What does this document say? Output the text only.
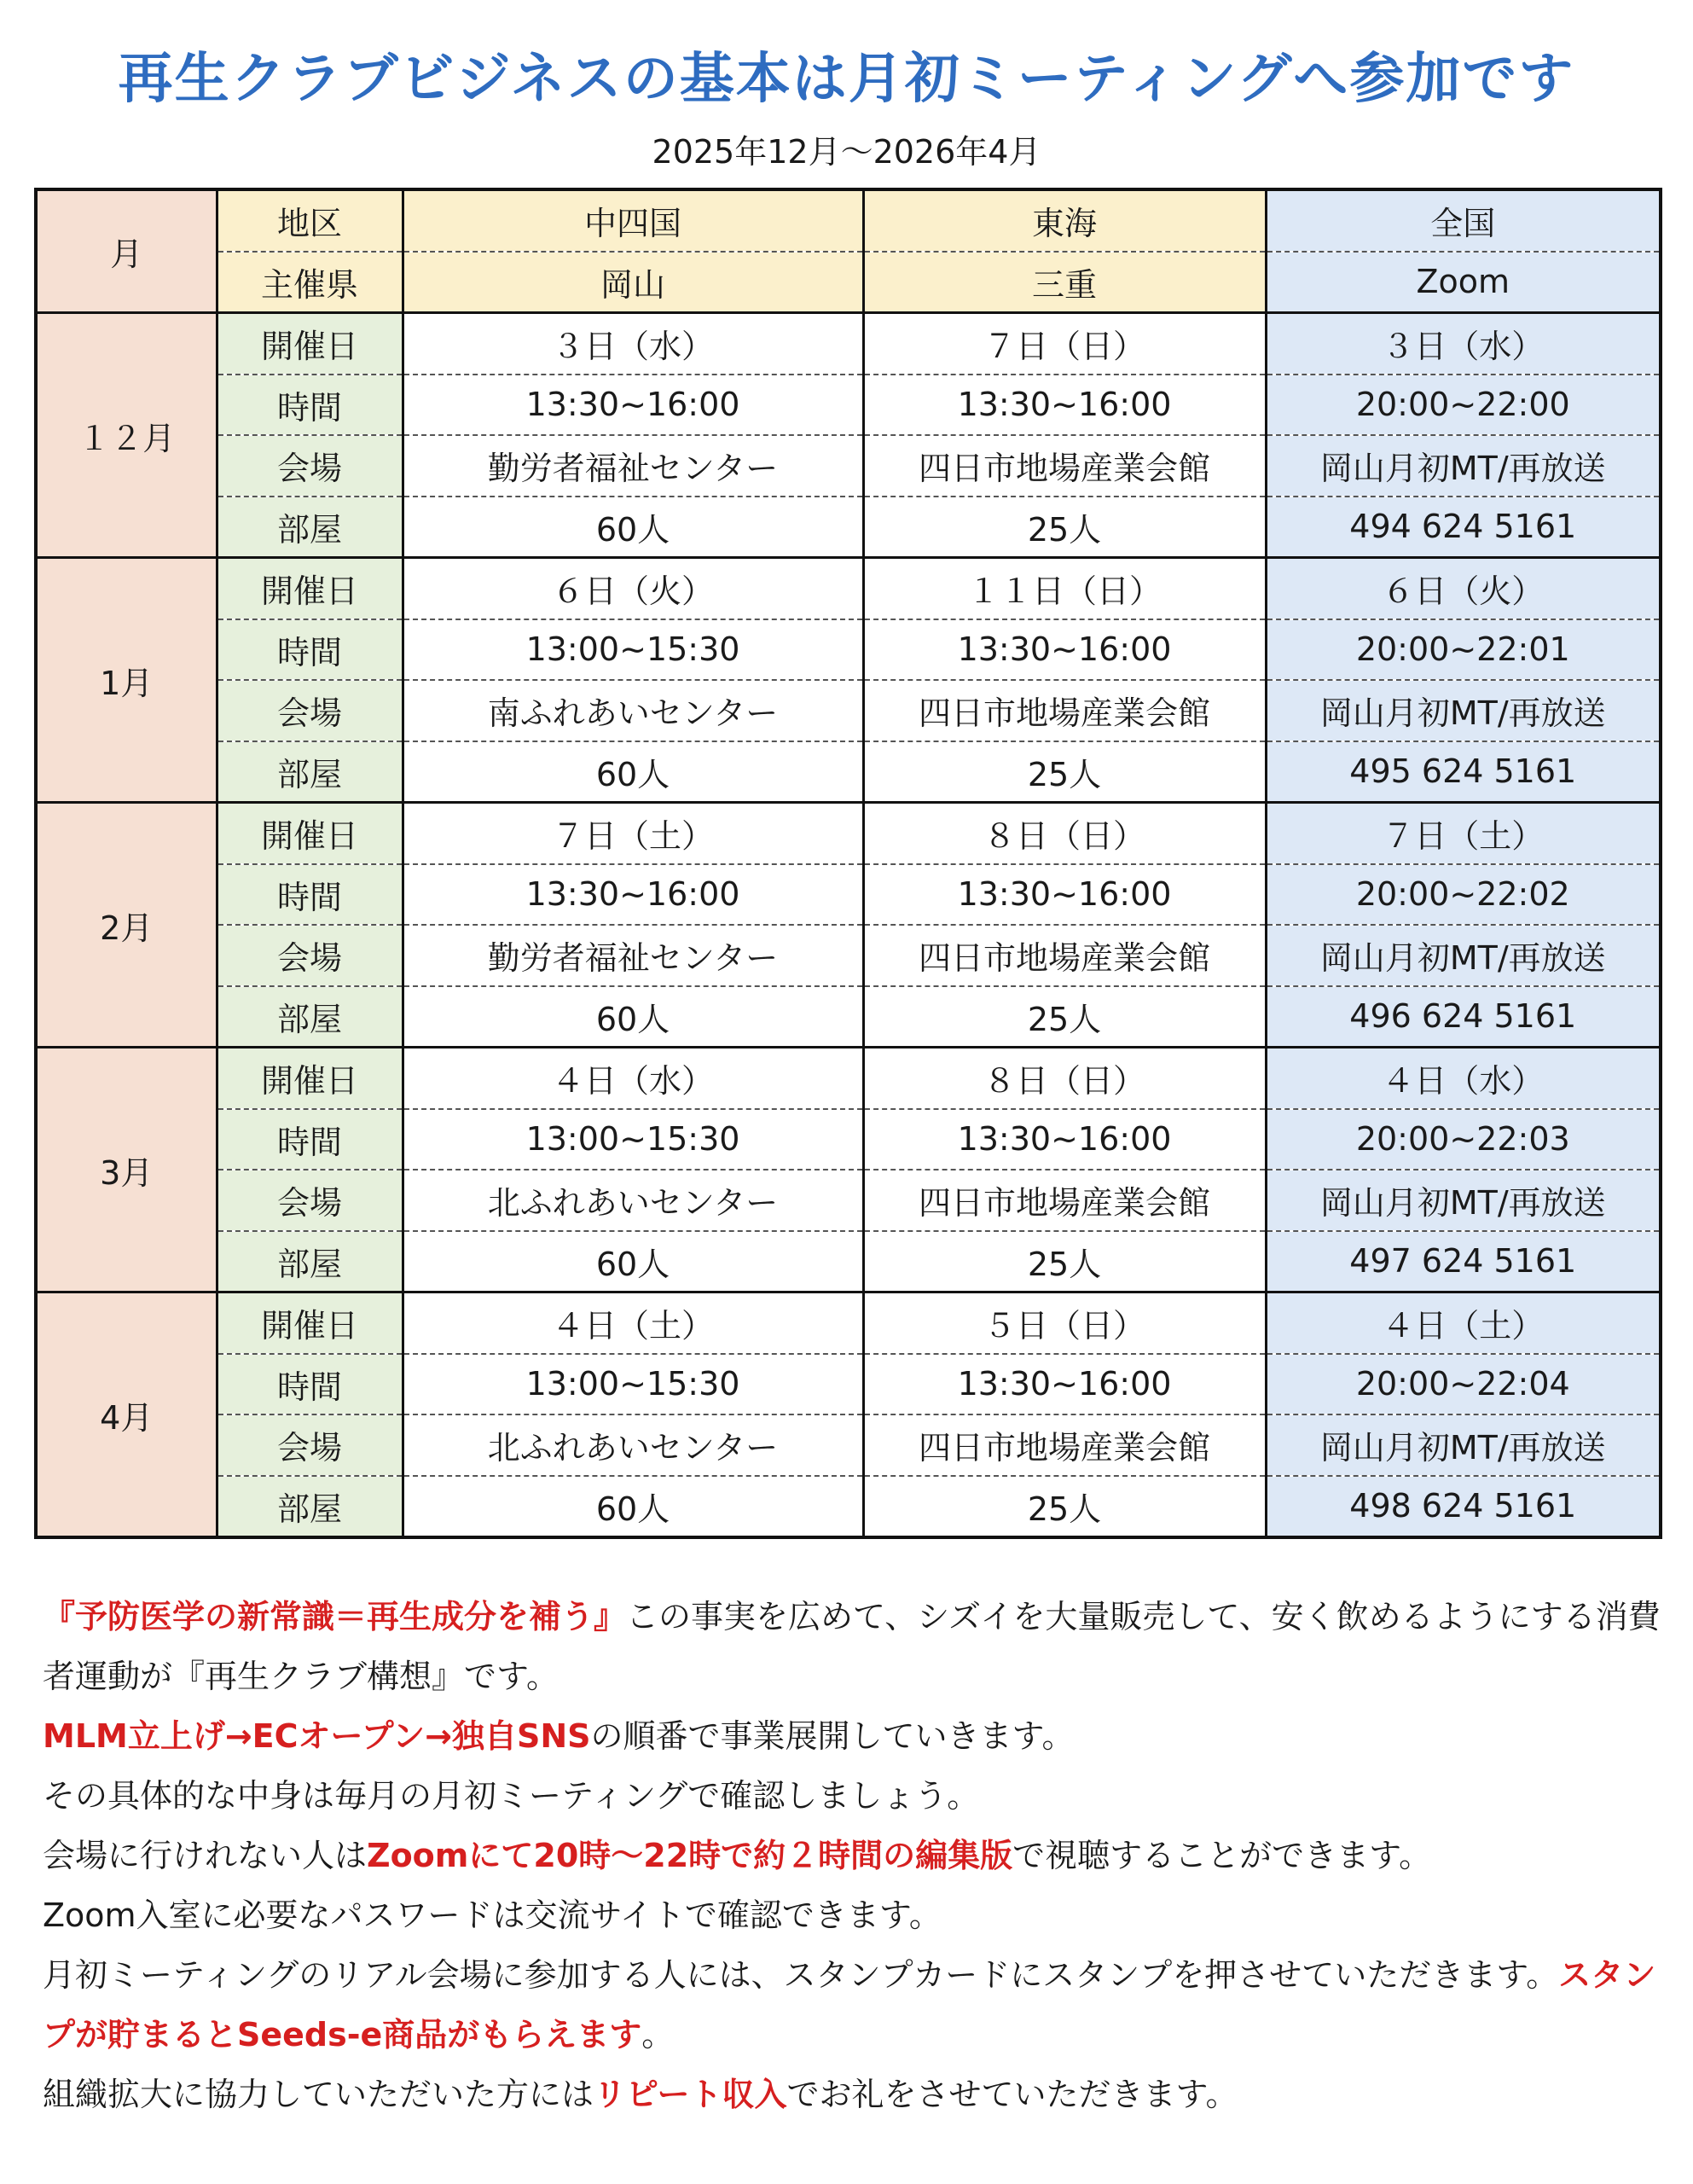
再生クラブビジネスの基本は月初ミーティングへ参加です
2025年12月〜2026年4月
月	地区	中四国	東海	全国
	主催県	岡山	三重	Zoom
１２月	開催日	３日（水）	７日（日）	３日（水）
	時間	13:30~16:00	13:30~16:00	20:00~22:00
	会場	勤労者福祉センター	四日市地場産業会館	岡山月初MT/再放送
	部屋	60人	25人	494 624 5161
1月	開催日	６日（火）	１１日（日）	６日（火）
	時間	13:00~15:30	13:30~16:00	20:00~22:01
	会場	南ふれあいセンター	四日市地場産業会館	岡山月初MT/再放送
	部屋	60人	25人	495 624 5161
2月	開催日	７日（土）	８日（日）	７日（土）
	時間	13:30~16:00	13:30~16:00	20:00~22:02
	会場	勤労者福祉センター	四日市地場産業会館	岡山月初MT/再放送
	部屋	60人	25人	496 624 5161
3月	開催日	４日（水）	８日（日）	４日（水）
	時間	13:00~15:30	13:30~16:00	20:00~22:03
	会場	北ふれあいセンター	四日市地場産業会館	岡山月初MT/再放送
	部屋	60人	25人	497 624 5161
4月	開催日	４日（土）	５日（日）	４日（土）
	時間	13:00~15:30	13:30~16:00	20:00~22:04
	会場	北ふれあいセンター	四日市地場産業会館	岡山月初MT/再放送
	部屋	60人	25人	498 624 5161

『予防医学の新常識＝再生成分を補う』この事実を広めて、シズイを大量販売して、安く飲めるようにする消費者運動が『再生クラブ構想』です。

MLM立上げ→ECオープン→独自SNSの順番で事業展開していきます。

その具体的な中身は毎月の月初ミーティングで確認しましょう。

会場に行けれない人はZoomにて20時〜22時で約２時間の編集版で視聴することができます。

Zoom入室に必要なパスワードは交流サイトで確認できます。

月初ミーティングのリアル会場に参加する人には、スタンプカードにスタンプを押させていただきます。スタンプが貯まるとSeeds-e商品がもらえます。

組織拡大に協力していただいた方にはリピート収入でお礼をさせていただきます。
